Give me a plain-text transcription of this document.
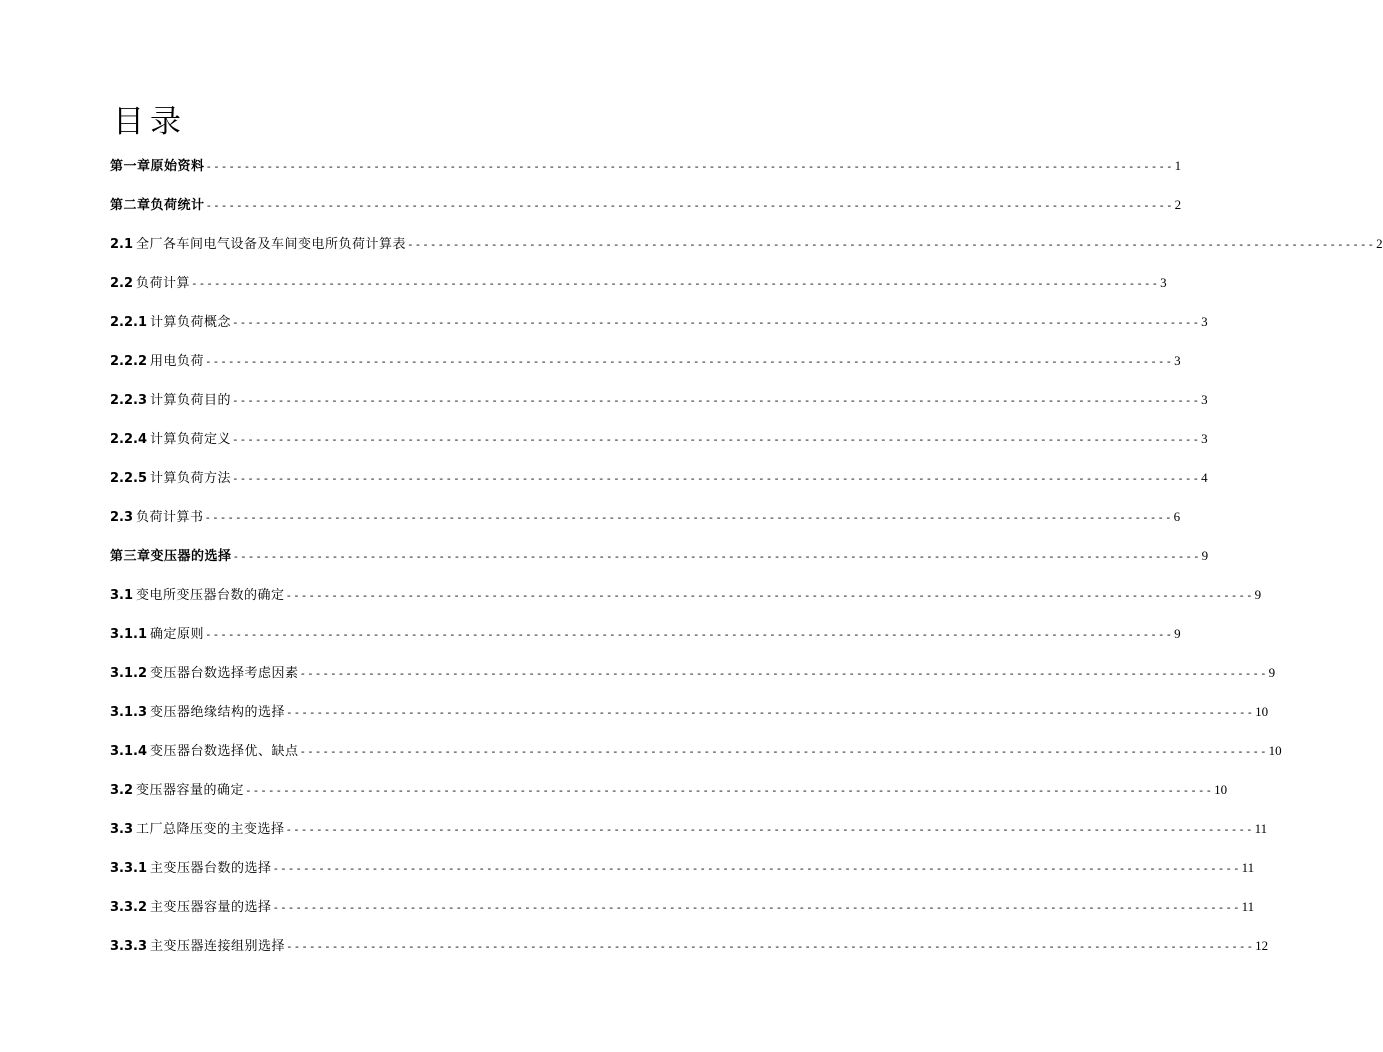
目录
第一章原始资料 ------------------------------------------------------------------------------------------------------------------------------- 1
第二章负荷统计 ------------------------------------------------------------------------------------------------------------------------------- 2
2.1 全厂各车间电气设备及车间变电所负荷计算表 ------------------------------------------------------------------------------------------------------------------------------- 2
2.2 负荷计算 ------------------------------------------------------------------------------------------------------------------------------- 3
2.2.1 计算负荷概念 ------------------------------------------------------------------------------------------------------------------------------- 3
2.2.2 用电负荷 ------------------------------------------------------------------------------------------------------------------------------- 3
2.2.3 计算负荷目的 ------------------------------------------------------------------------------------------------------------------------------- 3
2.2.4 计算负荷定义 ------------------------------------------------------------------------------------------------------------------------------- 3
2.2.5 计算负荷方法 ------------------------------------------------------------------------------------------------------------------------------- 4
2.3 负荷计算书 ------------------------------------------------------------------------------------------------------------------------------- 6
第三章变压器的选择 ------------------------------------------------------------------------------------------------------------------------------- 9
3.1 变电所变压器台数的确定 ------------------------------------------------------------------------------------------------------------------------------- 9
3.1.1 确定原则 ------------------------------------------------------------------------------------------------------------------------------- 9
3.1.2 变压器台数选择考虑因素 ------------------------------------------------------------------------------------------------------------------------------- 9
3.1.3 变压器绝缘结构的选择 ------------------------------------------------------------------------------------------------------------------------------- 10
3.1.4 变压器台数选择优、缺点 ------------------------------------------------------------------------------------------------------------------------------- 10
3.2 变压器容量的确定 ------------------------------------------------------------------------------------------------------------------------------- 10
3.3 工厂总降压变的主变选择 ------------------------------------------------------------------------------------------------------------------------------- 11
3.3.1 主变压器台数的选择 ------------------------------------------------------------------------------------------------------------------------------- 11
3.3.2 主变压器容量的选择 ------------------------------------------------------------------------------------------------------------------------------- 11
3.3.3 主变压器连接组别选择 ------------------------------------------------------------------------------------------------------------------------------- 12
